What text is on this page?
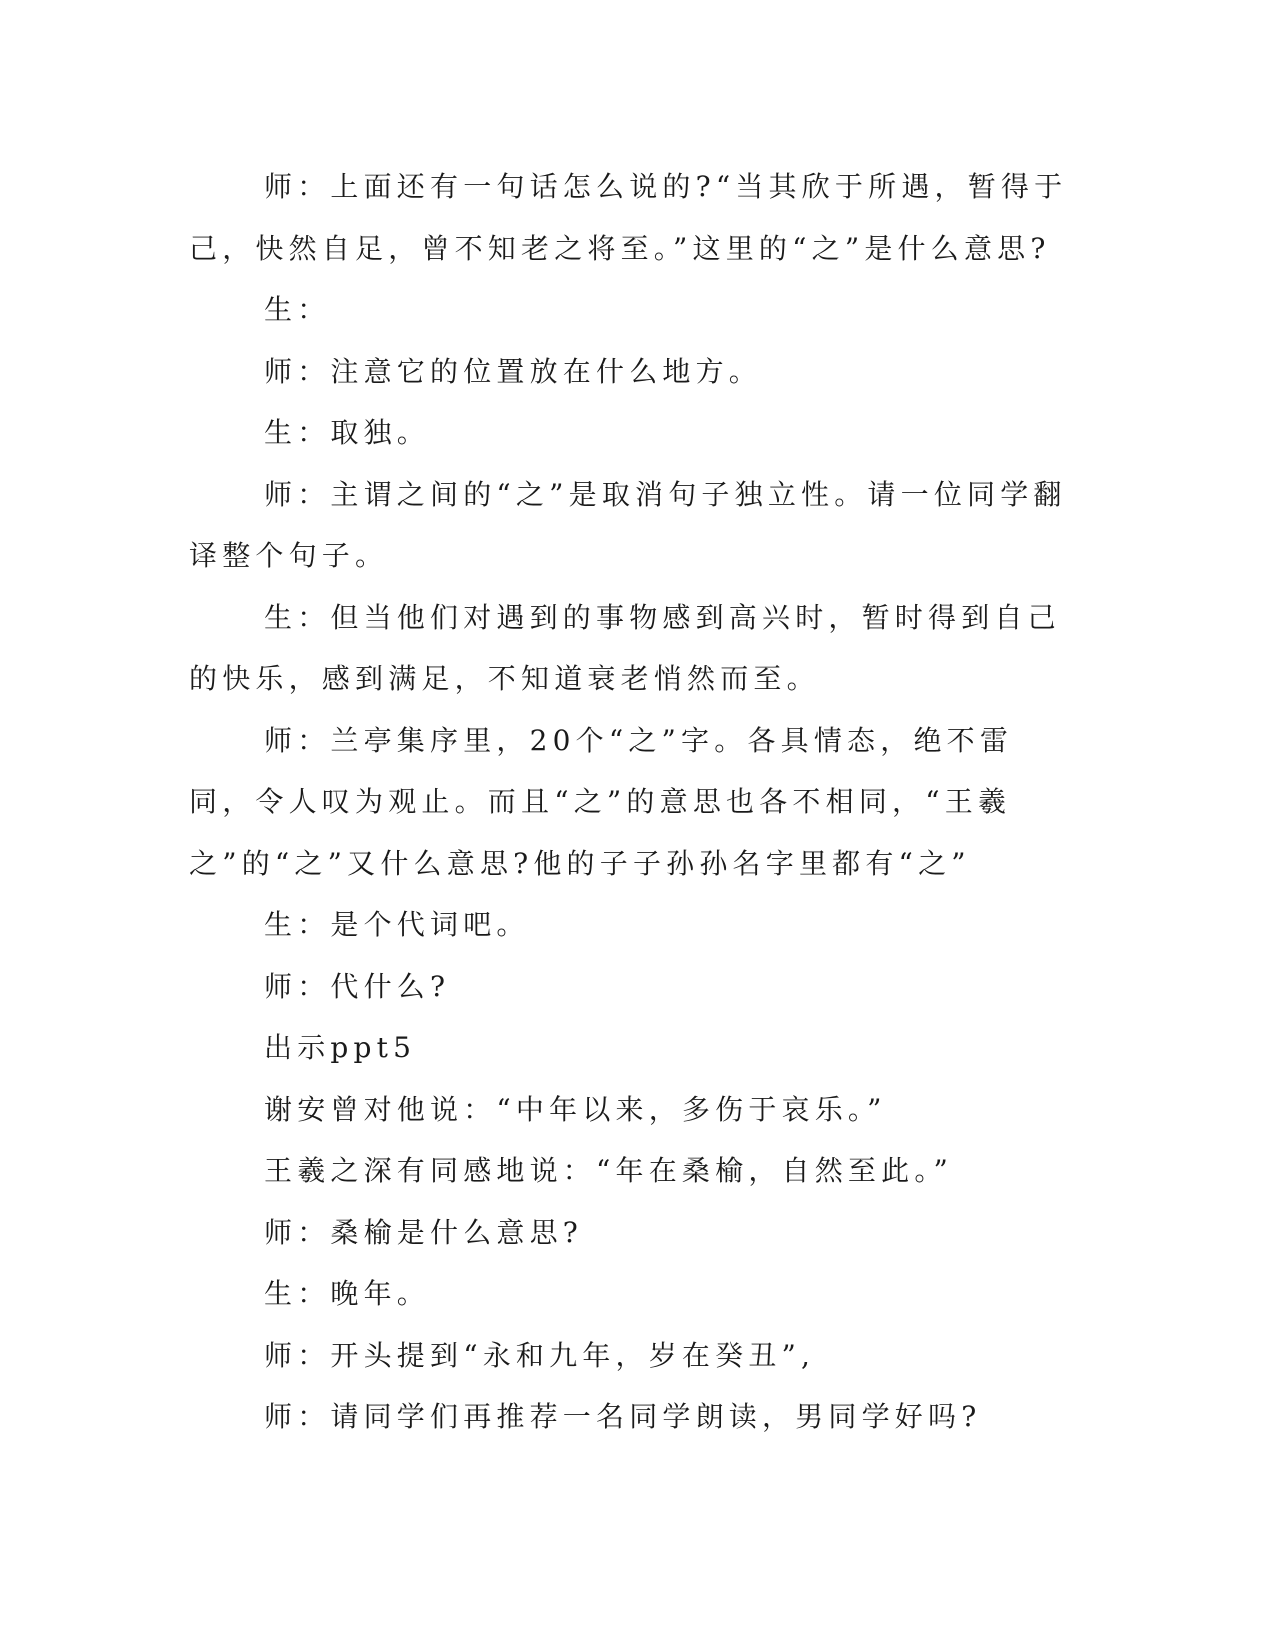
师：上面还有一句话怎么说的?“当其欣于所遇，暂得于己，快然自足，曾不知老之将至。”这里的“之”是什么意思?

生：

师：注意它的位置放在什么地方。

生：取独。

师：主谓之间的“之”是取消句子独立性。请一位同学翻译整个句子。

生：但当他们对遇到的事物感到高兴时，暂时得到自己的快乐，感到满足，不知道衰老悄然而至。

师：兰亭集序里，20个“之”字。各具情态，绝不雷同，令人叹为观止。而且“之”的意思也各不相同，“王羲之”的“之”又什么意思?他的子子孙孙名字里都有“之”

生：是个代词吧。

师：代什么?

出示ppt5

谢安曾对他说：“中年以来，多伤于哀乐。”

王羲之深有同感地说：“年在桑榆，自然至此。”

师：桑榆是什么意思?

生：晚年。

师：开头提到“永和九年，岁在癸丑”,

师：请同学们再推荐一名同学朗读，男同学好吗?
